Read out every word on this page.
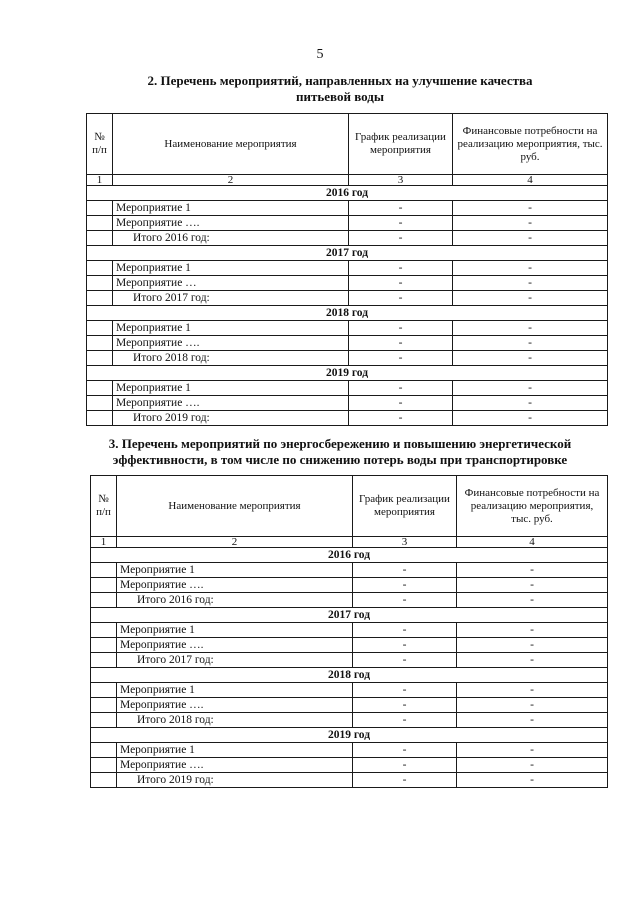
5
2. Перечень мероприятий, направленных на улучшение качества
питьевой воды
№ п/п	Наименование мероприятия	График реализации мероприятия	Финансовые потребности на реализацию мероприятия, тыс. руб.
1	2	3	4
2016 год			
	Мероприятие 1	-	-
	Мероприятие ….	-	-
	Итого 2016 год:	-	-
2017 год			
	Мероприятие 1	-	-
	Мероприятие …	-	-
	Итого 2017 год:	-	-
2018 год			
	Мероприятие 1	-	-
	Мероприятие ….	-	-
	Итого 2018 год:	-	-
2019 год			
	Мероприятие 1	-	-
	Мероприятие ….	-	-
	Итого 2019 год:	-	-
3. Перечень мероприятий по энергосбережению и повышению энергетической
эффективности, в том числе по снижению потерь воды при транспортировке
№ п/п	Наименование мероприятия	График реализации мероприятия	Финансовые потребности на реализацию мероприятия, тыс. руб.
1	2	3	4
2016 год			
	Мероприятие 1	-	-
	Мероприятие ….	-	-
	Итого 2016 год:	-	-
2017 год			
	Мероприятие 1	-	-
	Мероприятие ….	-	-
	Итого 2017 год:	-	-
2018 год			
	Мероприятие 1	-	-
	Мероприятие ….	-	-
	Итого 2018 год:	-	-
2019 год			
	Мероприятие 1	-	-
	Мероприятие ….	-	-
	Итого 2019 год:	-	-
